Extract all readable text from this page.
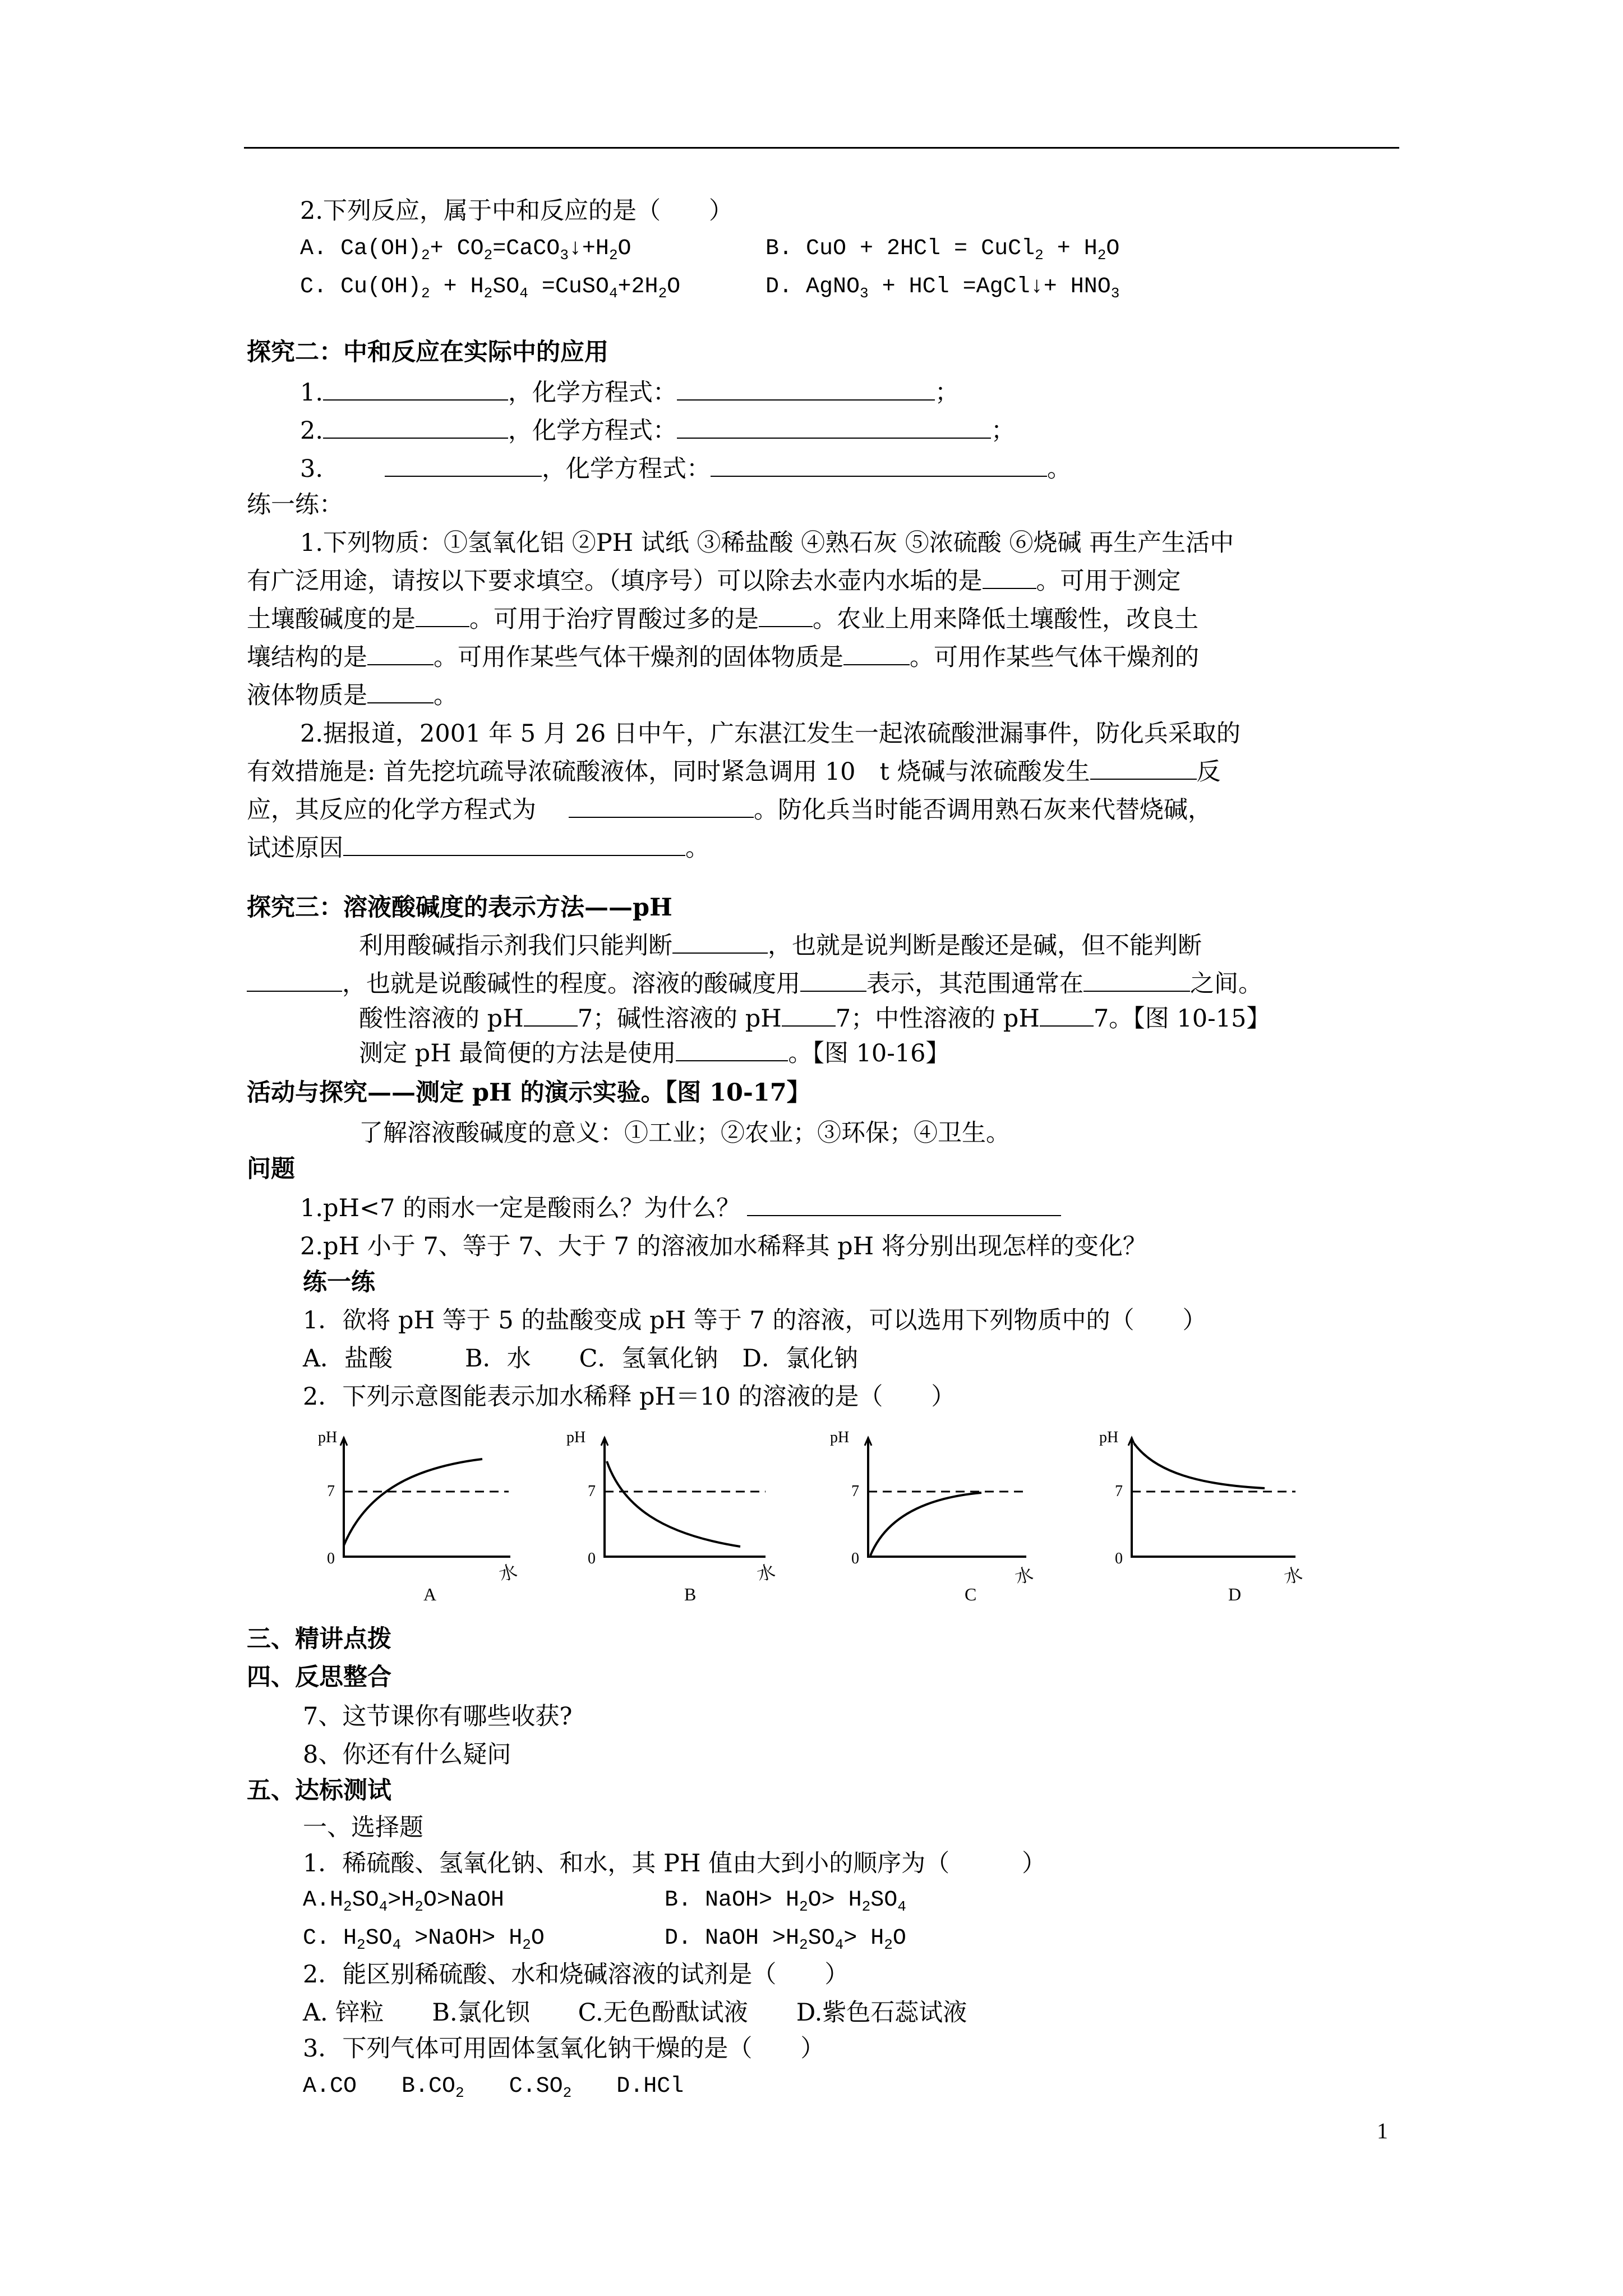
2.下列反应，属于中和反应的是（　　）
A. $Ca(OH)_2+$ $CO_2=CaCO_3↓+H_2O$	B. CuO + 2HCl = CuCl$_2$ + $H_2O$
C. $Cu(OH)_2 + H_2SO_4$ $=CuSO_4+2H_2O$	D. AgNO$_3$ + HCl =AgCl↓+ $HNO_3$
探究二：中和反应在实际中的应用
1.	，化学方程式：	；
2.	，化学方程式：	；
3.	，化学方程式：	。
练一练：
1.下列物质：①氢氧化铝 ②PH 试纸 ③稀盐酸 ④熟石灰 ⑤浓硫酸 ⑥烧碱 再生产生活中
有广泛用途，请按以下要求填空。（填序号）可以除去水壶内水垢的是 。可用于测定
土壤酸碱度的是 。可用于治疗胃酸过多的是 。农业上用来降低土壤酸性，改良土
壤结构的是	。可用作某些气体干燥剂的固体物质是	。可用作某些气体干燥剂的
液体物质是	。
2.据报道，2001 年 5 月 26 日中午，广东湛江发生一起浓硫酸泄漏事件，防化兵采取的
有效措施是: 首先挖坑疏导浓硫酸液体，同时紧急调用 10　t 烧碱与浓硫酸发生	反
应，其反应的化学方程式为	。防化兵当时能否调用熟石灰来代替烧碱，
试述原因	。
探究三：溶液酸碱度的表示方法——pH
利用酸碱指示剂我们只能判断	，也就是说判断是酸还是碱，但不能判断
，也就是说酸碱性的程度。溶液的酸碱度用	表示，其范围通常在	之间。
酸性溶液的 pH 7；碱性溶液的 pH 7；中性溶液的 pH 7。【图 10-15】
测定 pH 最简便的方法是使用	。【图 10-16】
活动与探究——测定 pH 的演示实验。【图 10-17】
了解溶液酸碱度的意义：①工业；②农业；③环保；④卫生。
问题
1.pH<7 的雨水一定是酸雨么？为什么？
2.pH 小于 7、等于 7、大于 7 的溶液加水稀释其 pH 将分别出现怎样的变化？
练一练
1．欲将 pH 等于 5 的盐酸变成 pH 等于 7 的溶液，可以选用下列物质中的（　　）
A．盐酸　　　B．水　　C．氢氧化钠　D．氯化钠
2．下列示意图能表示加水稀释 pH＝10 的溶液的是（　　）
pH
7
0
水
A
pH
7
0
水
B
pH
7
0
水
C
pH
7
0
水
D
三、精讲点拨
四、反思整合
7、这节课你有哪些收获?
8、你还有什么疑问
五、达标测试
一、选择题
1．稀硫酸、氢氧化钠、和水，其 PH 值由大到小的顺序为（　　　）
$A.H_2SO_4>H_2O>NaOH$	B. NaOH> $H_2O> H_2SO_4$
C. $H_2SO_4$ >NaOH> $H_2O$	D. NaOH $>H_2SO_4> H_2O$
2．能区别稀硫酸、水和烧碱溶液的试剂是（　　）
A. 锌粒　　B.氯化钡　　C.无色酚酞试液　　D.紫色石蕊试液
3．下列气体可用固体氢氧化钠干燥的是（　　）
A.CO　　$B.CO_2$　　$C.SO_2$　　D.HCl
1
